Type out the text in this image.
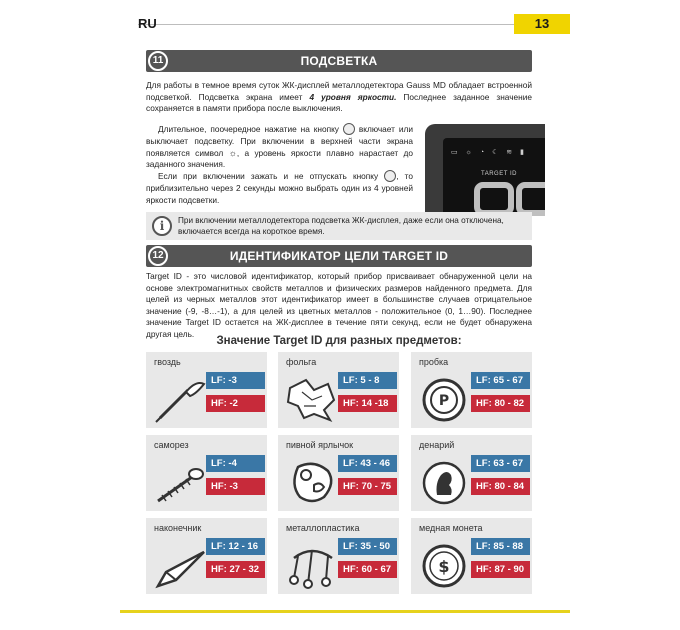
RU	13
ПОДСВЕТКА
11
Для работы в темное время суток ЖК-дисплей металлодетектора Gauss MD обладает встроенной подсветкой. Подсветка экрана имеет 4 уровня яркости. Последнее заданное значение сохраняется в памяти прибора после выключения.
Длительное, поочередное нажатие на кнопку включает или выключает подсветку. При включении в верхней части экрана появляется символ ☼, а уровень яркости плавно нарастает до заданного значения.
Если при включении зажать и не отпускать кнопку , то приблизительно через 2 секунды можно выбрать один из 4 уровней яркости подсветки.
▭ ☼ ◔ ☾ ≋ ▮
TARGET ID
i	При включении металлодетектора подсветка ЖК-дисплея, даже если она отключена, включается всегда на короткое время.
ИДЕНТИФИКАТОР ЦЕЛИ TARGET ID
12
Target ID - это числовой идентификатор, который прибор присваивает обнаруженной цели на основе электромагнитных свойств металлов и физических размеров найденного предмета. Для целей из черных металлов этот идентификатор имеет в большинстве случаев отрицательное значение (-9, -8…-1), а для целей из цветных металлов - положительное (0, 1…90). Последнее значение Target ID остается на ЖК-дисплее в течение пяти секунд, если не будет обнаружена другая цель.
Значение Target ID для разных предметов:
гвоздь
LF: -3
HF: -2
фольга
LF: 5 - 8
HF: 14 -18
пробка
P
LF: 65 - 67
HF: 80 - 82
саморез
LF: -4
HF: -3
пивной ярлычок
LF: 43 - 46
HF: 70 - 75
денарий
LF: 63 - 67
HF: 80 - 84
наконечник
LF: 12 - 16
HF: 27 - 32
металлопластика
LF: 35 - 50
HF: 60 - 67
медная монета
$
LF: 85 - 88
HF: 87 - 90
